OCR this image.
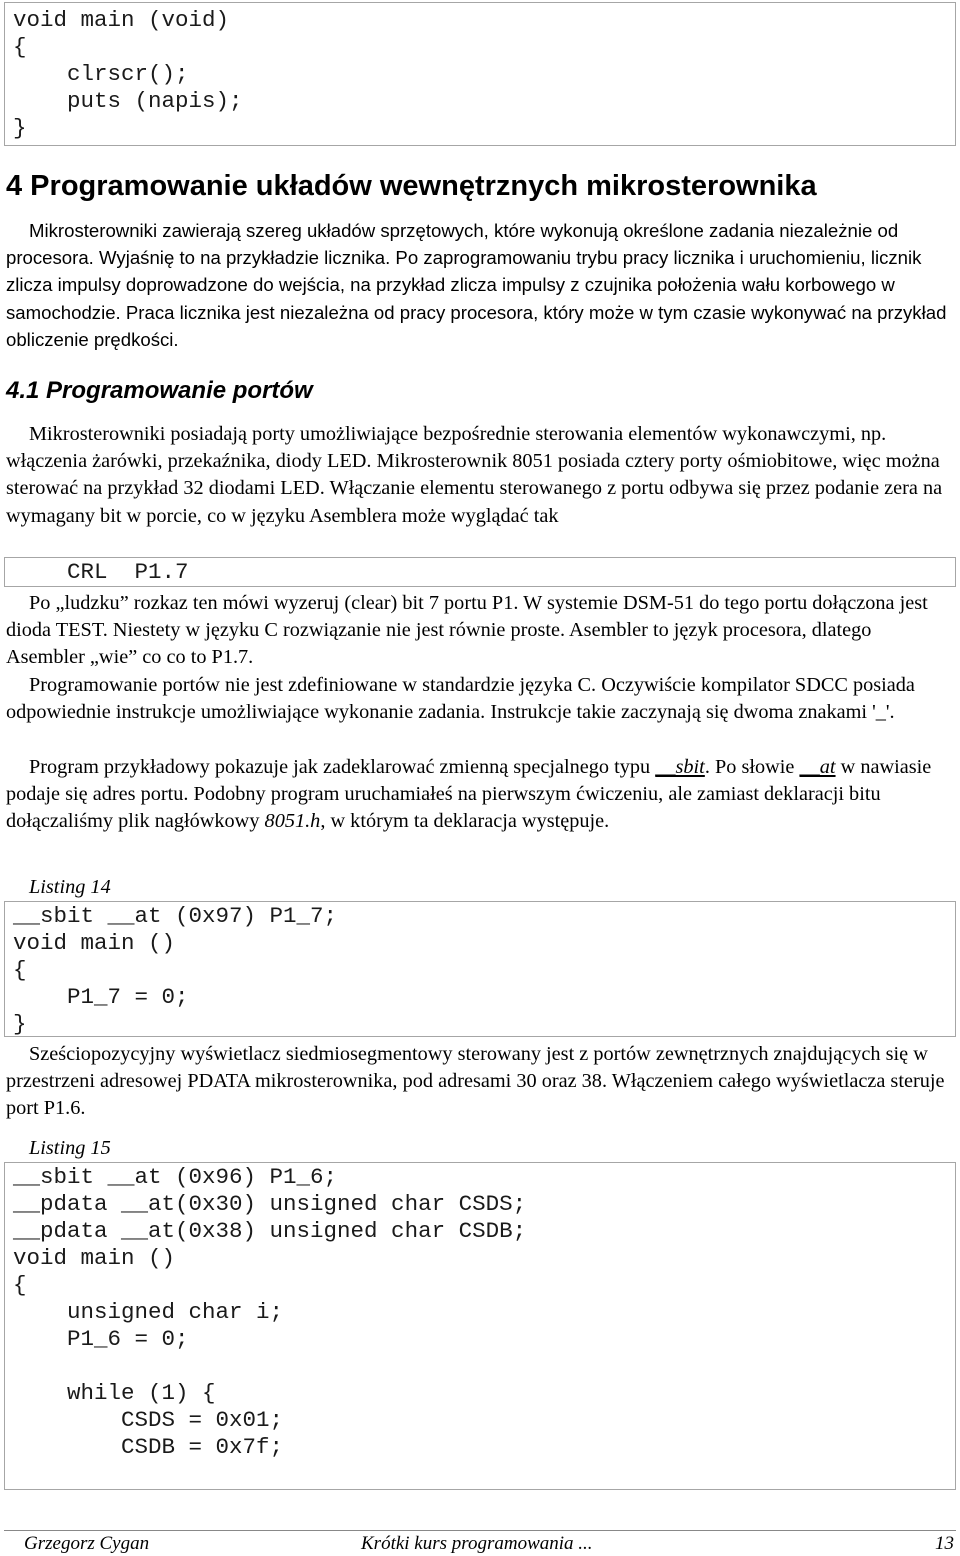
void main (void)
{
clrscr();
puts (napis);
}
4 Programowanie układów wewnętrznych mikrosterownika

Mikrosterowniki zawierają szereg układów sprzętowych, które wykonują określone zadania niezależnie od procesora. Wyjaśnię to na przykładzie licznika. Po zaprogramowaniu trybu pracy licznika i uruchomieniu, licznik zlicza impulsy doprowadzone do wejścia, na przykład zlicza impulsy z czujnika położenia wału korbowego w samochodzie. Praca licznika jest niezależna od pracy procesora, który może w tym czasie wykonywać na przykład obliczenie prędkości.

4.1 Programowanie portów

Mikrosterowniki posiadają porty umożliwiające bezpośrednie sterowania elementów wykonawczymi, np. włączenia żarówki, przekaźnika, diody LED. Mikrosterownik 8051 posiada cztery porty ośmiobitowe, więc można sterować na przykład 32 diodami LED. Włączanie elementu sterowanego z portu odbywa się przez podanie zera na wymagany bit w porcie, co w języku Asemblera może wyglądać tak

CRL  P1.7

Po „ludzku” rozkaz ten mówi wyzeruj (clear) bit 7 portu P1. W systemie DSM-51 do tego portu dołączona jest dioda TEST. Niestety w języku C rozwiązanie nie jest równie proste. Asembler to język procesora, dlatego Asembler „wie” co co to P1.7.

Programowanie portów nie jest zdefiniowane w standardzie języka C. Oczywiście kompilator SDCC posiada odpowiednie instrukcje umożliwiające wykonanie zadania. Instrukcje takie zaczynają się dwoma znakami '_'.

Program przykładowy pokazuje jak zadeklarować zmienną specjalnego typu __sbit. Po słowie __at w nawiasie podaje się adres portu. Podobny program uruchamiałeś na pierwszym ćwiczeniu, ale zamiast deklaracji bitu dołączaliśmy plik nagłówkowy 8051.h, w którym ta deklaracja występuje.

Listing 14

__sbit __at (0x97) P1_7;
void main ()
{
P1_7 = 0;
}

Sześciopozycyjny wyświetlacz siedmiosegmentowy sterowany jest z portów zewnętrznych znajdujących się w przestrzeni adresowej PDATA mikrosterownika, pod adresami 30 oraz 38. Włączeniem całego wyświetlacza steruje port P1.6.

Listing 15

__sbit __at (0x96) P1_6;
__pdata __at(0x30) unsigned char CSDS;
__pdata __at(0x38) unsigned char CSDB;
void main ()
{
unsigned char i;
P1_6 = 0;

while (1) {
CSDS = 0x01;
CSDB = 0x7f;

Grzegorz Cygan	Krótki kurs programowania ...	13
